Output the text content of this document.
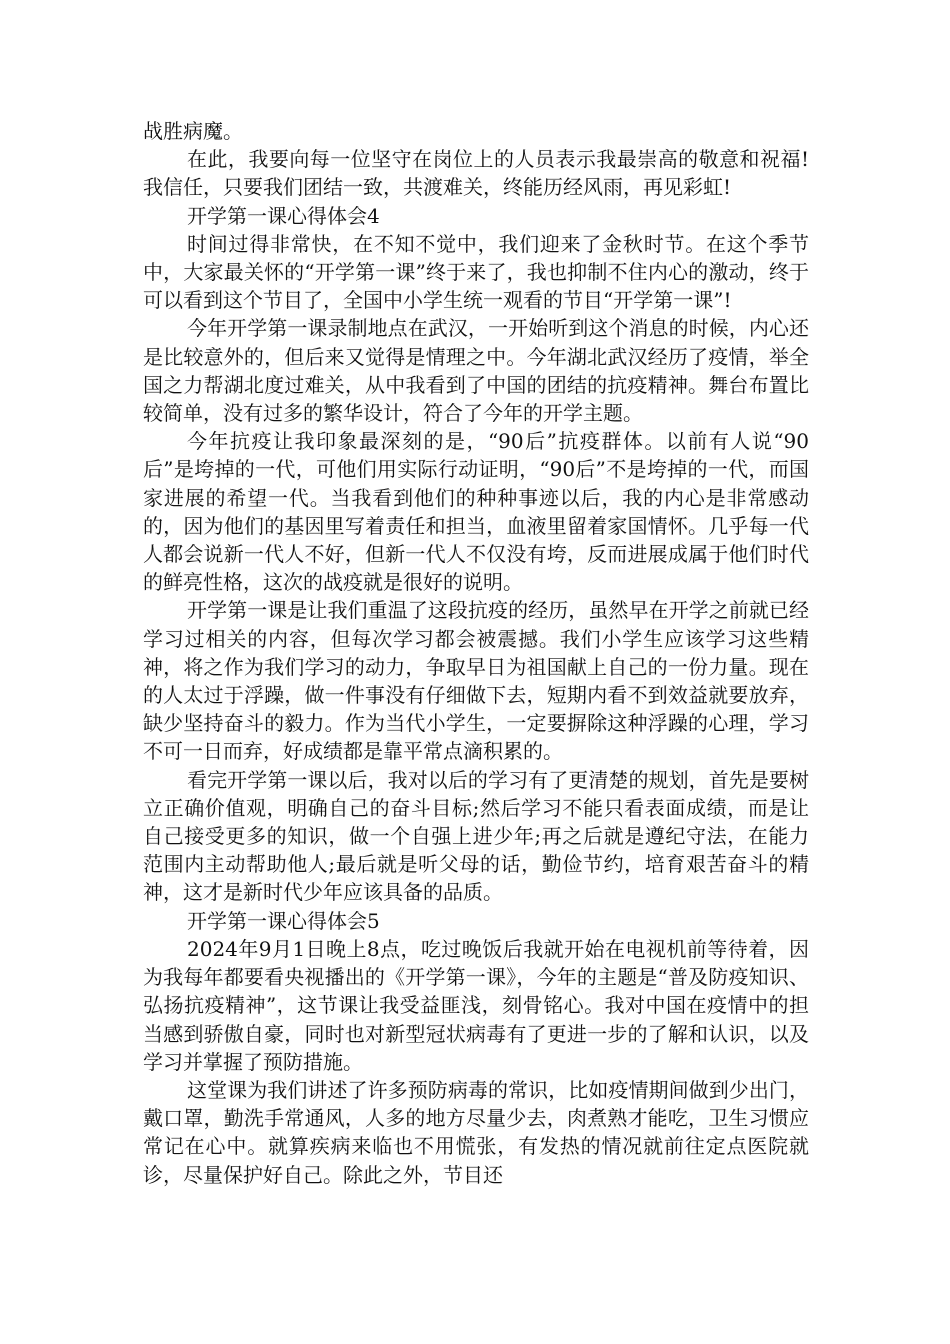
战胜病魔。

在此，我要向每一位坚守在岗位上的人员表示我最崇高的敬意和祝福!我信任，只要我们团结一致，共渡难关，终能历经风雨，再见彩虹!

开学第一课心得体会4

时间过得非常快，在不知不觉中，我们迎来了金秋时节。在这个季节中，大家最关怀的“开学第一课”终于来了，我也抑制不住内心的激动，终于可以看到这个节目了，全国中小学生统一观看的节目“开学第一课”!

今年开学第一课录制地点在武汉，一开始听到这个消息的时候，内心还是比较意外的，但后来又觉得是情理之中。今年湖北武汉经历了疫情，举全国之力帮湖北度过难关，从中我看到了中国的团结的抗疫精神。舞台布置比较简单，没有过多的繁华设计，符合了今年的开学主题。

今年抗疫让我印象最深刻的是，“90后”抗疫群体。以前有人说“90后”是垮掉的一代，可他们用实际行动证明，“90后”不是垮掉的一代，而国家进展的希望一代。当我看到他们的种种事迹以后，我的内心是非常感动的，因为他们的基因里写着责任和担当，血液里留着家国情怀。几乎每一代人都会说新一代人不好，但新一代人不仅没有垮，反而进展成属于他们时代的鲜亮性格，这次的战疫就是很好的说明。

开学第一课是让我们重温了这段抗疫的经历，虽然早在开学之前就已经学习过相关的内容，但每次学习都会被震撼。我们小学生应该学习这些精神，将之作为我们学习的动力，争取早日为祖国献上自己的一份力量。现在的人太过于浮躁，做一件事没有仔细做下去，短期内看不到效益就要放弃，缺少坚持奋斗的毅力。作为当代小学生，一定要摒除这种浮躁的心理，学习不可一日而弃，好成绩都是靠平常点滴积累的。

看完开学第一课以后，我对以后的学习有了更清楚的规划，首先是要树立正确价值观，明确自己的奋斗目标;然后学习不能只看表面成绩，而是让自己接受更多的知识，做一个自强上进少年;再之后就是遵纪守法，在能力范围内主动帮助他人;最后就是听父母的话，勤俭节约，培育艰苦奋斗的精神，这才是新时代少年应该具备的品质。

开学第一课心得体会5

2024年9月1日晚上8点，吃过晚饭后我就开始在电视机前等待着，因为我每年都要看央视播出的《开学第一课》，今年的主题是“普及防疫知识、弘扬抗疫精神”，这节课让我受益匪浅，刻骨铭心。我对中国在疫情中的担当感到骄傲自豪，同时也对新型冠状病毒有了更进一步的了解和认识，以及学习并掌握了预防措施。

这堂课为我们讲述了许多预防病毒的常识，比如疫情期间做到少出门，戴口罩，勤洗手常通风，人多的地方尽量少去，肉煮熟才能吃，卫生习惯应常记在心中。就算疾病来临也不用慌张，有发热的情况就前往定点医院就诊，尽量保护好自己。除此之外，节目还
